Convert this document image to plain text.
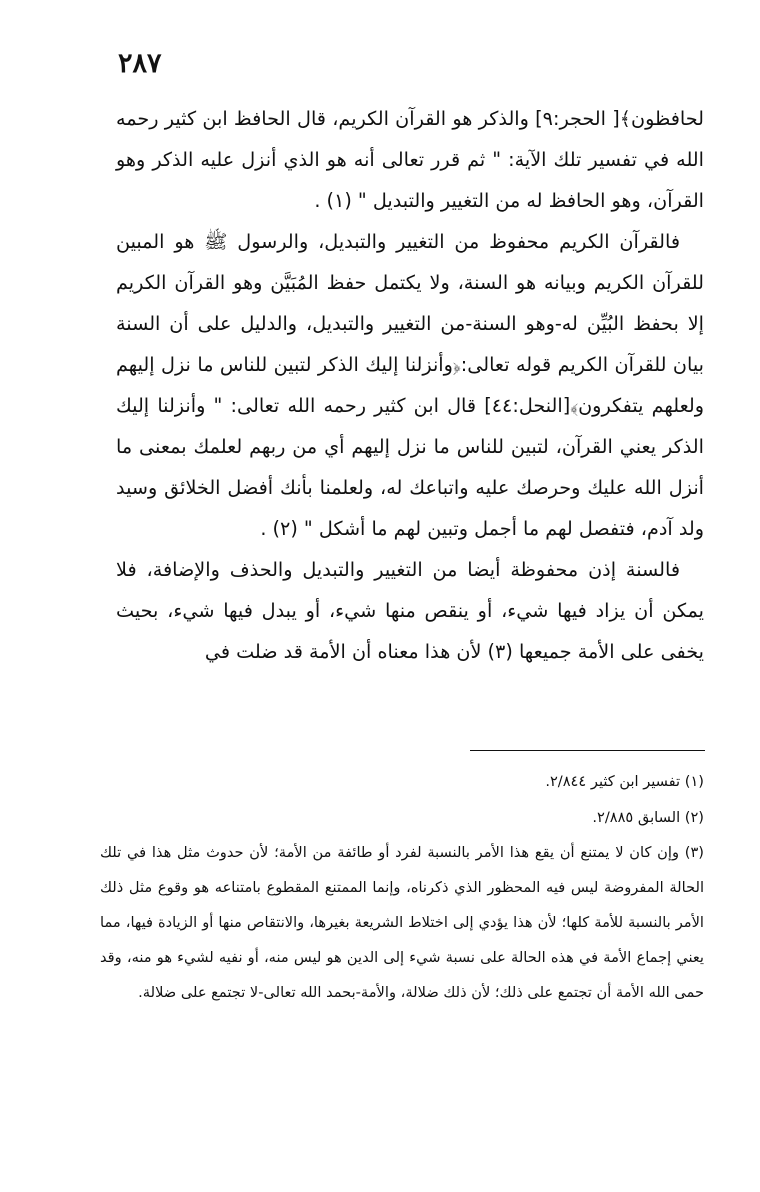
٢٨٧

لحافظون﴾[ الحجر:٩] والذكر هو القرآن الكريم، قال الحافظ ابن كثير رحمه الله في تفسير تلك الآية: " ثم قرر تعالى أنه هو الذي أنزل عليه الذكر وهو القرآن، وهو الحافظ له من التغيير والتبديل " (١) .

فالقرآن الكريم محفوظ من التغيير والتبديل، والرسول ﷺ هو المبين للقرآن الكريم وبيانه هو السنة، ولا يكتمل حفظ المُبَيَّن وهو القرآن الكريم إلا بحفظ البُيِّن له-وهو السنة-من التغيير والتبديل، والدليل على أن السنة بيان للقرآن الكريم قوله تعالى:﴿وأنزلنا إليك الذكر لتبين للناس ما نزل إليهم ولعلهم يتفكرون﴾[النحل:٤٤] قال ابن كثير رحمه الله تعالى: " وأنزلنا إليك الذكر يعني القرآن، لتبين للناس ما نزل إليهم أي من ربهم لعلمك بمعنى ما أنزل الله عليك وحرصك عليه واتباعك له، ولعلمنا بأنك أفضل الخلائق وسيد ولد آدم، فتفصل لهم ما أجمل وتبين لهم ما أشكل " (٢) .

فالسنة إذن محفوظة أيضا من التغيير والتبديل والحذف والإضافة، فلا يمكن أن يزاد فيها شيء، أو ينقص منها شيء، أو يبدل فيها شيء، بحيث يخفى على الأمة جميعها (٣) لأن هذا معناه أن الأمة قد ضلت في

(١) تفسير ابن كثير ٢/٨٤٤.

(٢) السابق ٢/٨٨٥.

(٣) وإن كان لا يمتنع أن يقع هذا الأمر بالنسبة لفرد أو طائفة من الأمة؛ لأن حدوث مثل هذا في تلك الحالة المفروضة ليس فيه المحظور الذي ذكرناه، وإنما الممتنع المقطوع بامتناعه هو وقوع مثل ذلك الأمر بالنسبة للأمة كلها؛ لأن هذا يؤدي إلى اختلاط الشريعة بغيرها، والانتقاص منها أو الزيادة فيها، مما يعني إجماع الأمة في هذه الحالة على نسبة شيء إلى الدين هو ليس منه، أو نفيه لشيء هو منه، وقد حمى الله الأمة أن تجتمع على ذلك؛ لأن ذلك ضلالة، والأمة-بحمد الله تعالى-لا تجتمع على ضلالة.
